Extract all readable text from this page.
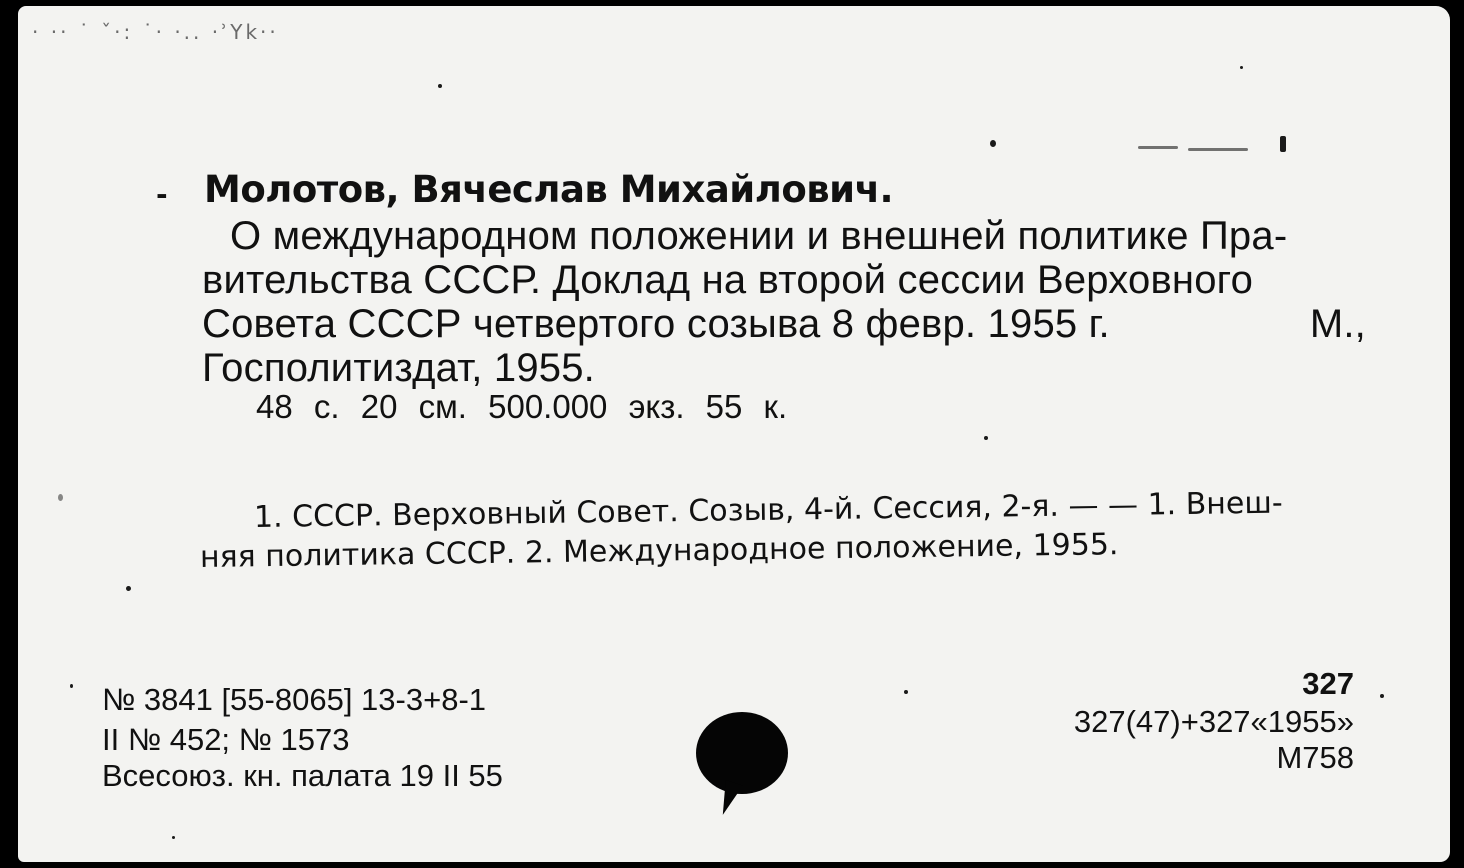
· ·· ˙ ˇ·: ˙· ·.. ·ʾYk··
- Молотов, Вячеслав Михайлович.
О международном положении и внешней политике Пра-
вительства СССР. Доклад на второй сессии Верховного
Совета СССР четвертого созыва 8 февр. 1955 г.	М.,
Госполитиздат, 1955.
48 с. 20 см. 500.000 экз. 55 к.
1. СССР. Верховный Совет. Созыв, 4-й. Сессия, 2-я. — — 1. Внеш-
няя политика СССР. 2. Международное положение, 1955.
№ 3841 [55-8065] 13-3+8-1
II № 452; № 1573
Всесоюз. кн. палата 19 II 55
327
327(47)+327«1955»
М758
